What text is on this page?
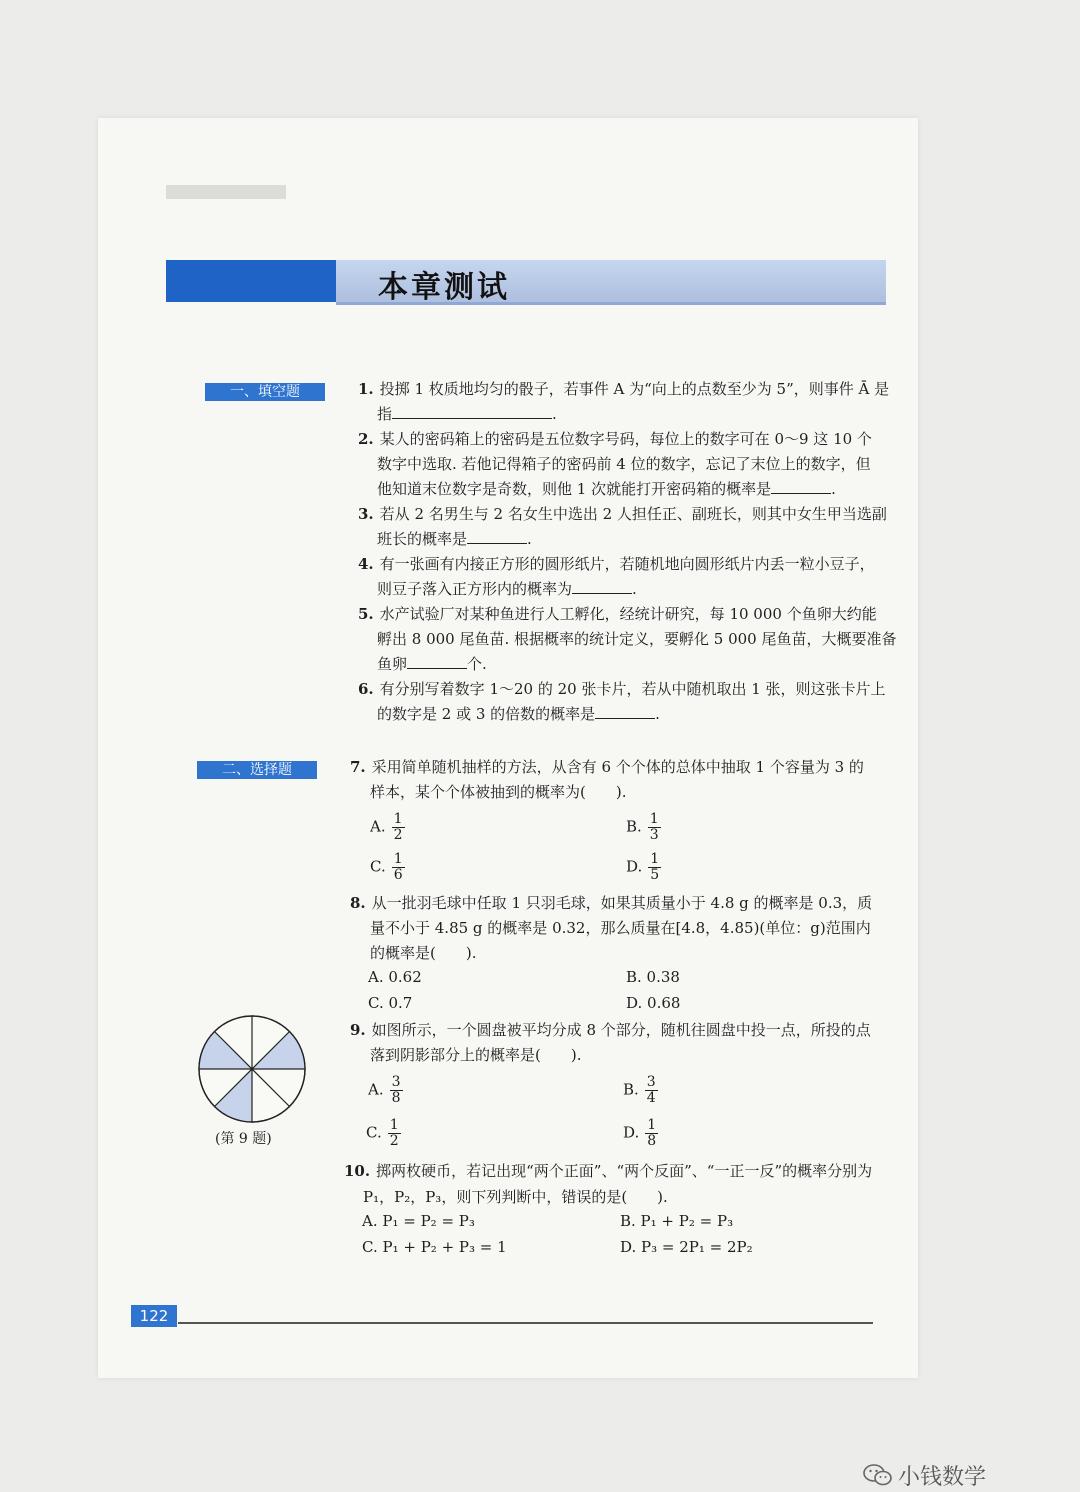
本章测试
一、填空题
二、选择题
1. 投掷 1 枚质地均匀的骰子，若事件 A 为“向上的点数至少为 5”，则事件 Ā 是
指	.
2. 某人的密码箱上的密码是五位数字号码，每位上的数字可在 0～9 这 10 个
数字中选取. 若他记得箱子的密码前 4 位的数字，忘记了末位上的数字，但
他知道末位数字是奇数，则他 1 次就能打开密码箱的概率是	.
3. 若从 2 名男生与 2 名女生中选出 2 人担任正、副班长，则其中女生甲当选副
班长的概率是	.
4. 有一张画有内接正方形的圆形纸片，若随机地向圆形纸片内丢一粒小豆子，
则豆子落入正方形内的概率为	.
5. 水产试验厂对某种鱼进行人工孵化，经统计研究，每 10 000 个鱼卵大约能
孵出 8 000 尾鱼苗. 根据概率的统计定义，要孵化 5 000 尾鱼苗，大概要准备
鱼卵	个.
6. 有分别写着数字 1～20 的 20 张卡片，若从中随机取出 1 张，则这张卡片上
的数字是 2 或 3 的倍数的概率是	.
7. 采用简单随机抽样的方法，从含有 6 个个体的总体中抽取 1 个容量为 3 的
样本，某个个体被抽到的概率为(　　).
A. $\frac{1}{2}$	B. $\frac{1}{3}$
C. $\frac{1}{6}$	D. $\frac{1}{5}$
8. 从一批羽毛球中任取 1 只羽毛球，如果其质量小于 4.8 g 的概率是 0.3，质
量不小于 4.85 g 的概率是 0.32，那么质量在[4.8，4.85)(单位：g)范围内
的概率是(　　).
A. 0.62	B. 0.38
C. 0.7	D. 0.68
(第 9 题)
9. 如图所示，一个圆盘被平均分成 8 个部分，随机往圆盘中投一点，所投的点
落到阴影部分上的概率是(　　).
A. $\frac{3}{8}$	B. $\frac{3}{4}$
C. $\frac{1}{2}$	D. $\frac{1}{8}$
10. 掷两枚硬币，若记出现“两个正面”、“两个反面”、“一正一反”的概率分别为
P₁，P₂，P₃，则下列判断中，错误的是(　　).
A. P₁ = P₂ = P₃	B. P₁ + P₂ = P₃
C. P₁ + P₂ + P₃ = 1	D. P₃ = 2P₁ = 2P₂
122
小钱数学
